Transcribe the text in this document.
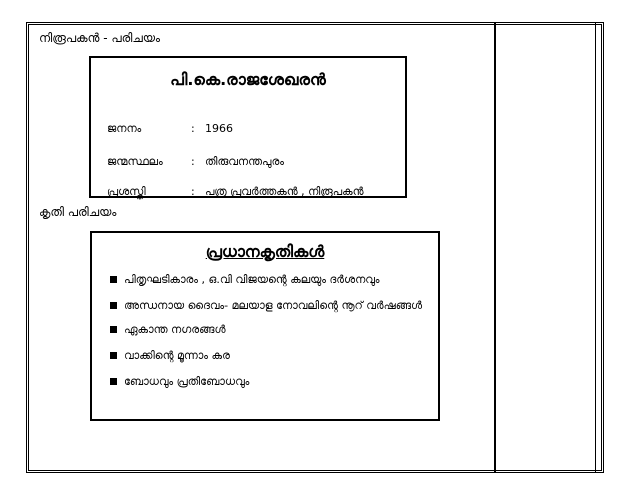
നിരൂപകൻ - പരിചയം
പി.കെ.രാജശേഖരൻ
ജനനം	: 1966
ജന്മസ്ഥലം	: തിരുവനന്തപുരം
പ്രശസ്തി	: പത്ര പ്രവർത്തകൻ , നിരൂപകൻ
കൃതി പരിചയം
പ്രധാനകൃതികൾ
പിതൃഘടികാരം , ഒ.വി വിജയന്റെ കലയും ദർശനവും
അന്ധനായ ദൈവം- മലയാള നോവലിന്റെ നൂറ് വർഷങ്ങൾ
ഏകാന്ത നഗരങ്ങൾ
വാക്കിന്റെ മൂന്നാം കര
ബോധവും പ്രതിബോധവും
